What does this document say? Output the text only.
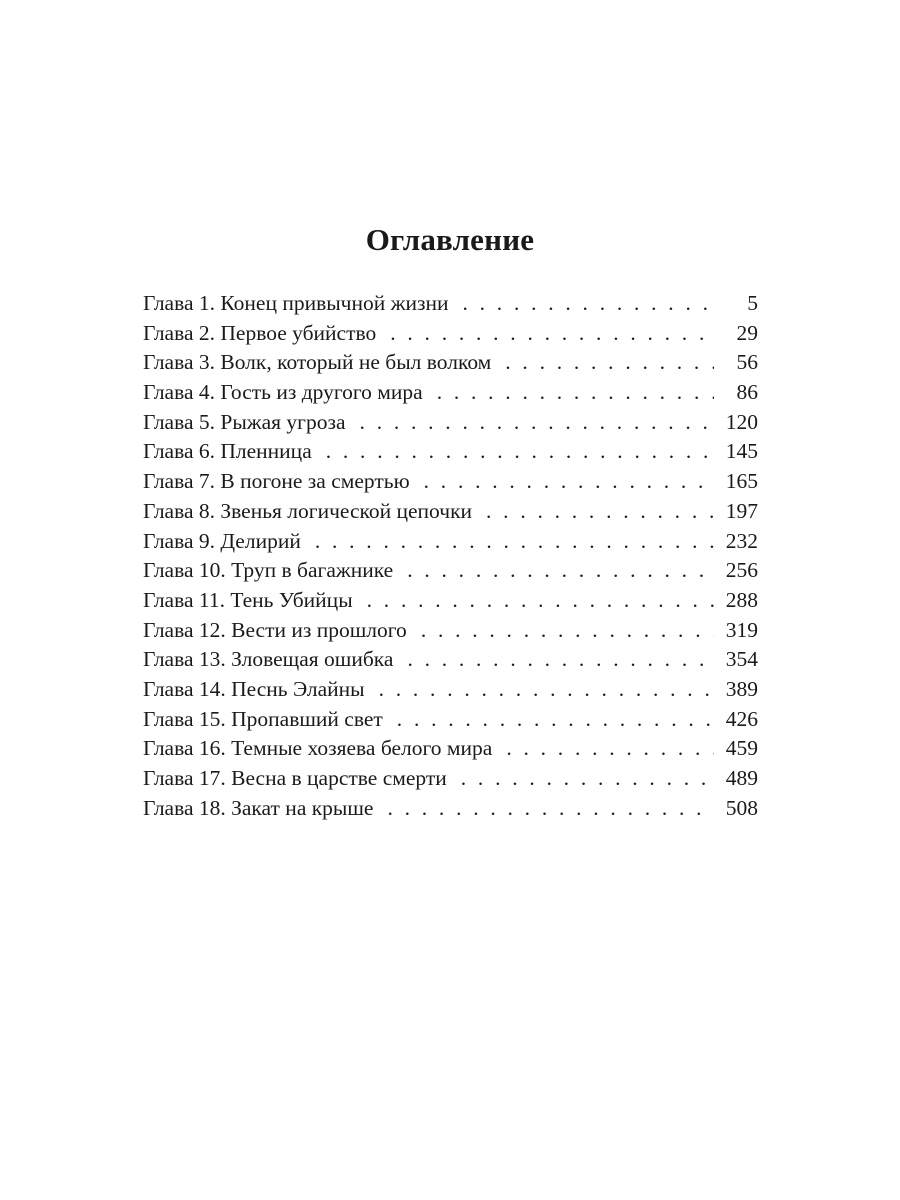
Оглавление
Глава 1. Конец привычной жизни . . .	5
Глава 2. Первое убийство . . .	29
Глава 3. Волк, который не был волком . . .	56
Глава 4. Гость из другого мира . . .	86
Глава 5. Рыжая угроза . . .	120
Глава 6. Пленница . . .	145
Глава 7. В погоне за смертью . . .	165
Глава 8. Звенья логической цепочки . . .	197
Глава 9. Делирий . . .	232
Глава 10. Труп в багажнике . . .	256
Глава 11. Тень Убийцы . . .	288
Глава 12. Вести из прошлого . . .	319
Глава 13. Зловещая ошибка . . .	354
Глава 14. Песнь Элайны . . .	389
Глава 15. Пропавший свет . . .	426
Глава 16. Темные хозяева белого мира . . .	459
Глава 17. Весна в царстве смерти . . .	489
Глава 18. Закат на крыше . . .	508
